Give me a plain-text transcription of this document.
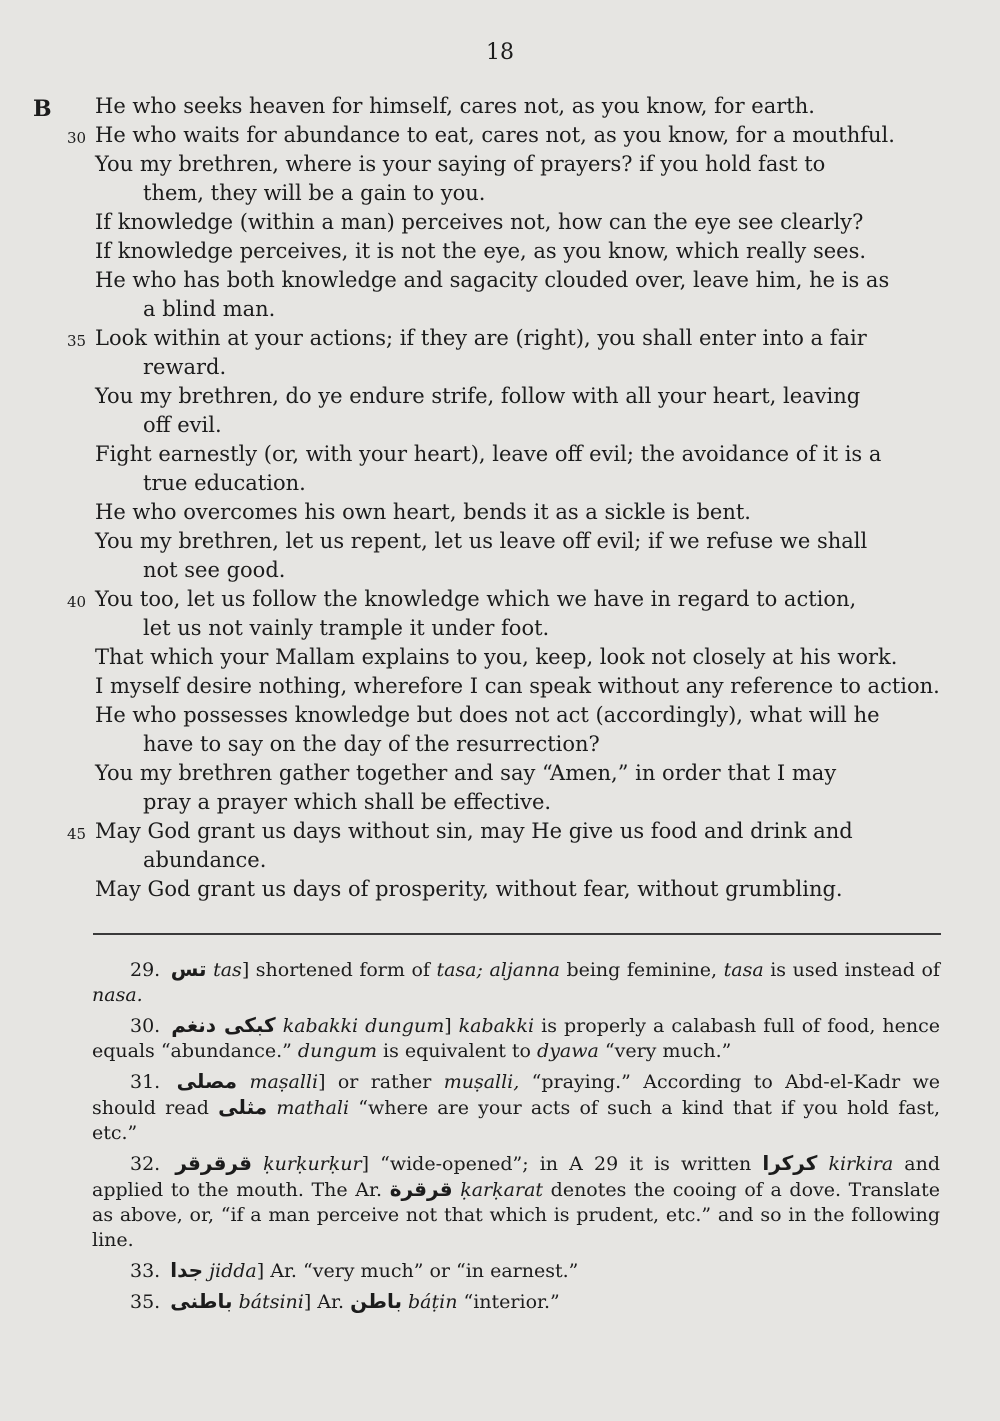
18
B He who seeks heaven for himself, cares not, as you know, for earth.
30 He who waits for abundance to eat, cares not, as you know, for a mouthful.
You my brethren, where is your saying of prayers? if you hold fast to
them, they will be a gain to you.
If knowledge (within a man) perceives not, how can the eye see clearly?
If knowledge perceives, it is not the eye, as you know, which really sees.
He who has both knowledge and sagacity clouded over, leave him, he is as
a blind man.
35 Look within at your actions; if they are (right), you shall enter into a fair
reward.
You my brethren, do ye endure strife, follow with all your heart, leaving
off evil.
Fight earnestly (or, with your heart), leave off evil; the avoidance of it is a
true education.
He who overcomes his own heart, bends it as a sickle is bent.
You my brethren, let us repent, let us leave off evil; if we refuse we shall
not see good.
40 You too, let us follow the knowledge which we have in regard to action,
let us not vainly trample it under foot.
That which your Mallam explains to you, keep, look not closely at his work.
I myself desire nothing, wherefore I can speak without any reference to action.
He who possesses knowledge but does not act (accordingly), what will he
have to say on the day of the resurrection?
You my brethren gather together and say “Amen,” in order that I may
pray a prayer which shall be effective.
45 May God grant us days without sin, may He give us food and drink and
abundance.
May God grant us days of prosperity, without fear, without grumbling.
29. تس tas] shortened form of tasa; aljanna being feminine, tasa is used instead of nasa.
30. كبكى دنغم kabakki dungum] kabakki is properly a calabash full of food, hence equals “abundance.” dungum is equivalent to dyawa “very much.”
31. مصلى maṣalli] or rather muṣalli, “praying.” According to Abd-el-Kadr we should read مثلى mathali “where are your acts of such a kind that if you hold fast, etc.”
32. قرقرقر ḳurḳurḳur] “wide-opened”; in A 29 it is written كركرا kirkira and applied to the mouth. The Ar. قرقرة ḳarḳarat denotes the cooing of a dove. Translate as above, or, “if a man perceive not that which is prudent, etc.” and so in the following line.
33. جدا jidda] Ar. “very much” or “in earnest.”
35. باطنى bátsini] Ar. باطن báṭin “interior.”
